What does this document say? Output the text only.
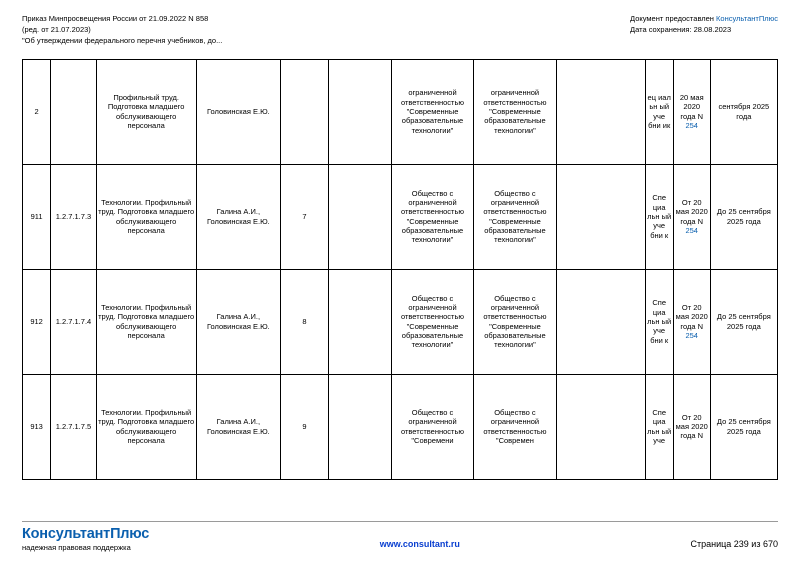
Приказ Минпросвещения России от 21.09.2022 N 858
(ред. от 21.07.2023)
"Об утверждении федерального перечня учебников, до...
Документ предоставлен КонсультантПлюс
Дата сохранения: 28.08.2023
2		Профильный труд. Подготовка младшего обслуживающего персонала	Головинская Е.Ю.			ограниченной ответственностью "Современные образовательные технологии"	ограниченной ответственностью "Современные образовательные технологии"		ец иал ьн ый уче бни ик	20 мая 2020 года N 254	сентября 2025 года
911	1.2.7.1.7.3	Технологии. Профильный труд. Подготовка младшего обслуживающего персонала	Галина А.И., Головинская Е.Ю.	7		Общество с ограниченной ответственностью "Современные образовательные технологии"	Общество с ограниченной ответственностью "Современные образовательные технологии"		Спе циа льн ый уче бни к	От 20 мая 2020 года N 254	До 25 сентября 2025 года
912	1.2.7.1.7.4	Технологии. Профильный труд. Подготовка младшего обслуживающего персонала	Галина А.И., Головинская Е.Ю.	8		Общество с ограниченной ответственностью "Современные образовательные технологии"	Общество с ограниченной ответственностью "Современные образовательные технологии"		Спе циа льн ый уче бни к	От 20 мая 2020 года N 254	До 25 сентября 2025 года
913	1.2.7.1.7.5	Технологии. Профильный труд. Подготовка младшего обслуживающего персонала	Галина А.И., Головинская Е.Ю.	9		Общество с ограниченной ответственностью "Современи	Общество с ограниченной ответственностью "Современ		Спе циа льн ый уче	От 20 мая 2020 года N	До 25 сентября 2025 года
КонсультантПлюс
надежная правовая поддержка	www.consultant.ru	Страница 239 из 670
